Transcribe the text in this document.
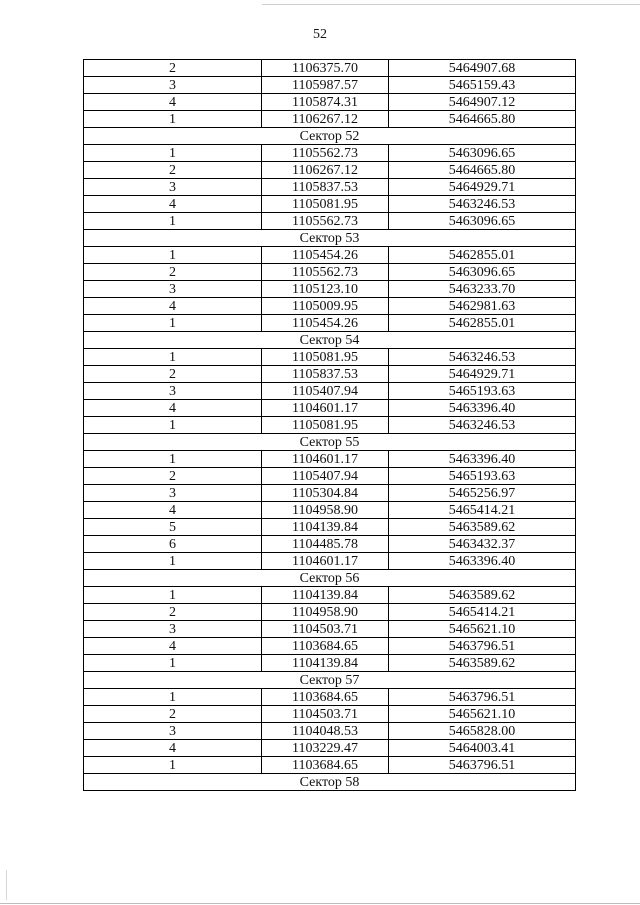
52
2	1106375.70	5464907.68
3	1105987.57	5465159.43
4	1105874.31	5464907.12
1	1106267.12	5464665.80
Сектор 52		
1	1105562.73	5463096.65
2	1106267.12	5464665.80
3	1105837.53	5464929.71
4	1105081.95	5463246.53
1	1105562.73	5463096.65
Сектор 53		
1	1105454.26	5462855.01
2	1105562.73	5463096.65
3	1105123.10	5463233.70
4	1105009.95	5462981.63
1	1105454.26	5462855.01
Сектор 54		
1	1105081.95	5463246.53
2	1105837.53	5464929.71
3	1105407.94	5465193.63
4	1104601.17	5463396.40
1	1105081.95	5463246.53
Сектор 55		
1	1104601.17	5463396.40
2	1105407.94	5465193.63
3	1105304.84	5465256.97
4	1104958.90	5465414.21
5	1104139.84	5463589.62
6	1104485.78	5463432.37
1	1104601.17	5463396.40
Сектор 56		
1	1104139.84	5463589.62
2	1104958.90	5465414.21
3	1104503.71	5465621.10
4	1103684.65	5463796.51
1	1104139.84	5463589.62
Сектор 57		
1	1103684.65	5463796.51
2	1104503.71	5465621.10
3	1104048.53	5465828.00
4	1103229.47	5464003.41
1	1103684.65	5463796.51
Сектор 58		
